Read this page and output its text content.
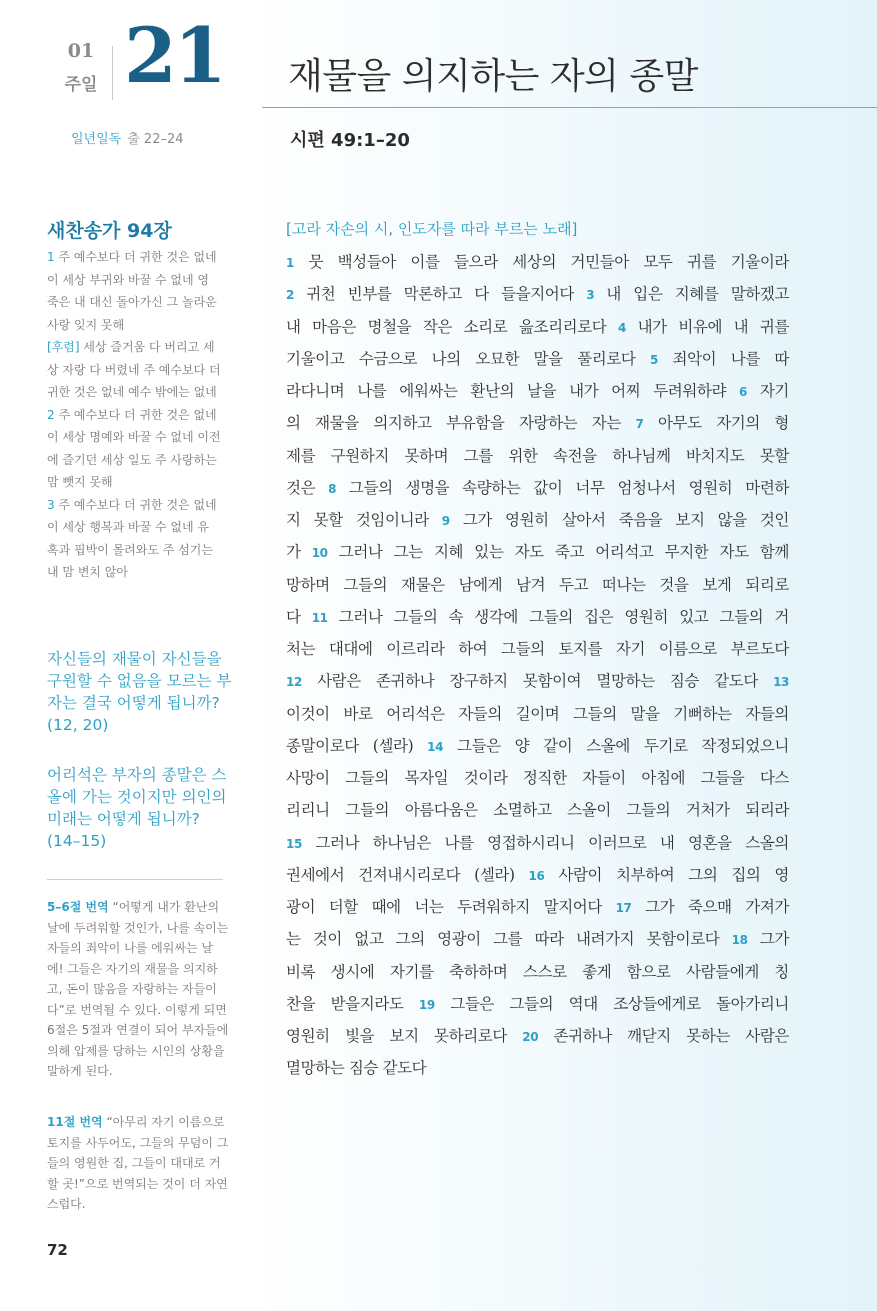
01
주일 21 재물을 의지하는 자의 종말
일년일독 출 22–24	시편 49:1–20
새찬송가 94장

1 주 예수보다 더 귀한 것은 없네

이 세상 부귀와 바꿀 수 없네 영

죽은 내 대신 돌아가신 그 놀라운

사랑 잊지 못해

[후렴] 세상 즐거움 다 버리고 세

상 자랑 다 버렸네 주 예수보다 더

귀한 것은 없네 예수 밖에는 없네

2 주 예수보다 더 귀한 것은 없네

이 세상 명예와 바꿀 수 없네 이전

에 즐기던 세상 일도 주 사랑하는

맘 뺏지 못해

3 주 예수보다 더 귀한 것은 없네

이 세상 행복과 바꿀 수 없네 유

혹과 핍박이 몰려와도 주 섬기는

내 맘 변치 않아

자신들의 재물이 자신들을 구원할 수 없음을 모르는 부자는 결국 어떻게 됩니까? (12, 20)
어리석은 부자의 종말은 스올에 가는 것이지만 의인의 미래는 어떻게 됩니까? (14–15)

5–6절 번역 “어떻게 내가 환난의 날에 두려워할 것인가, 나를 속이는 자들의 죄악이 나를 에워싸는 날에! 그들은 자기의 재물을 의지하고, 돈이 많음을 자랑하는 자들이다”로 번역될 수 있다. 이렇게 되면 6절은 5절과 연결이 되어 부자들에 의해 압제를 당하는 시인의 상황을 말하게 된다.

11절 번역 “아무리 자기 이름으로 토지를 사두어도, 그들의 무덤이 그들의 영원한 집, 그들이 대대로 거할 곳!”으로 번역되는 것이 더 자연스럽다.

72
[고라 자손의 시, 인도자를 따라 부르는 노래]
1 뭇 백성들아 이를 들으라 세상의 거민들아 모두 귀를 기울이라
2 귀천 빈부를 막론하고 다 들을지어다 3 내 입은 지혜를 말하겠고
내 마음은 명철을 작은 소리로 읊조리리로다 4 내가 비유에 내 귀를
기울이고 수금으로 나의 오묘한 말을 풀리로다 5 죄악이 나를 따
라다니며 나를 에워싸는 환난의 날을 내가 어찌 두려워하랴 6 자기
의 재물을 의지하고 부유함을 자랑하는 자는 7 아무도 자기의 형
제를 구원하지 못하며 그를 위한 속전을 하나님께 바치지도 못할
것은 8 그들의 생명을 속량하는 값이 너무 엄청나서 영원히 마련하
지 못할 것임이니라 9 그가 영원히 살아서 죽음을 보지 않을 것인
가 10 그러나 그는 지혜 있는 자도 죽고 어리석고 무지한 자도 함께
망하며 그들의 재물은 남에게 남겨 두고 떠나는 것을 보게 되리로
다 11 그러나 그들의 속 생각에 그들의 집은 영원히 있고 그들의 거
처는 대대에 이르리라 하여 그들의 토지를 자기 이름으로 부르도다
12 사람은 존귀하나 장구하지 못함이여 멸망하는 짐승 같도다 13
이것이 바로 어리석은 자들의 길이며 그들의 말을 기뻐하는 자들의
종말이로다 (셀라) 14 그들은 양 같이 스올에 두기로 작정되었으니
사망이 그들의 목자일 것이라 정직한 자들이 아침에 그들을 다스
리리니 그들의 아름다움은 소멸하고 스올이 그들의 거처가 되리라
15 그러나 하나님은 나를 영접하시리니 이러므로 내 영혼을 스올의
권세에서 건져내시리로다 (셀라) 16 사람이 치부하여 그의 집의 영
광이 더할 때에 너는 두려워하지 말지어다 17 그가 죽으매 가져가
는 것이 없고 그의 영광이 그를 따라 내려가지 못함이로다 18 그가
비록 생시에 자기를 축하하며 스스로 좋게 함으로 사람들에게 칭
찬을 받을지라도 19 그들은 그들의 역대 조상들에게로 돌아가리니
영원히 빛을 보지 못하리로다 20 존귀하나 깨닫지 못하는 사람은
멸망하는 짐승 같도다
